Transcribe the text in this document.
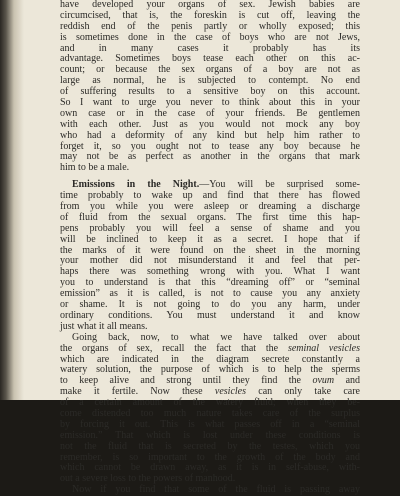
have developed your organs of sex. Jewish babies are
circumcised, that is, the foreskin is cut off, leaving the
reddish end of the penis partly or wholly exposed; this
is sometimes done in the case of boys who are not Jews,
and in many cases it probably has its
advantage. Sometimes boys tease each other on this ac-
count; or because the sex organs of a boy are not as
large as normal, he is subjected to contempt. No end
of suffering results to a sensitive boy on this account.
So I want to urge you never to think about this in your
own case or in the case of your friends. Be gentlemen
with each other. Just as you would not mock any boy
who had a deformity of any kind but help him rather to
forget it, so you ought not to tease any boy because he
may not be as perfect as another in the organs that mark
him to be a male.
Emissions in the Night.—You will be surprised some-
time probably to wake up and find that there has flowed
from you while you were asleep or dreaming a discharge
of fluid from the sexual organs. The first time this hap-
pens probably you will feel a sense of shame and you
will be inclined to keep it as a secret. I hope that if
the marks of it were found on the sheet in the morning
your mother did not misunderstand it and feel that per-
haps there was something wrong with you. What I want
you to understand is that this “dreaming off” or “seminal
emission” as it is called, is not to cause you any anxiety
or shame. It is not going to do you any harm, under
ordinary conditions. You must understand it and know
just what it all means.
Going back, now, to what we have talked over about
the organs of sex, recall the fact that the seminal vesicles
which are indicated in the diagram secrete constantly a
watery solution, the purpose of which is to help the sperms
to keep alive and strong until they find the ovum and
make it fertile. Now these vesicles can only take care
of a certain amount of the watery fluid; when they be-
come distended too much nature takes care of the surplus
by forcing it out. This is what passes off in a “seminal
emission.” That which is lost under these conditions is
not the fluid that is secreted by the testes, which you
remember, is so important to the growth of the body and
which cannot be drawn away, as it is in self-abuse, with-
out a severe loss to the powers of manhood.
Now if you find that some of the fluid is passing away
